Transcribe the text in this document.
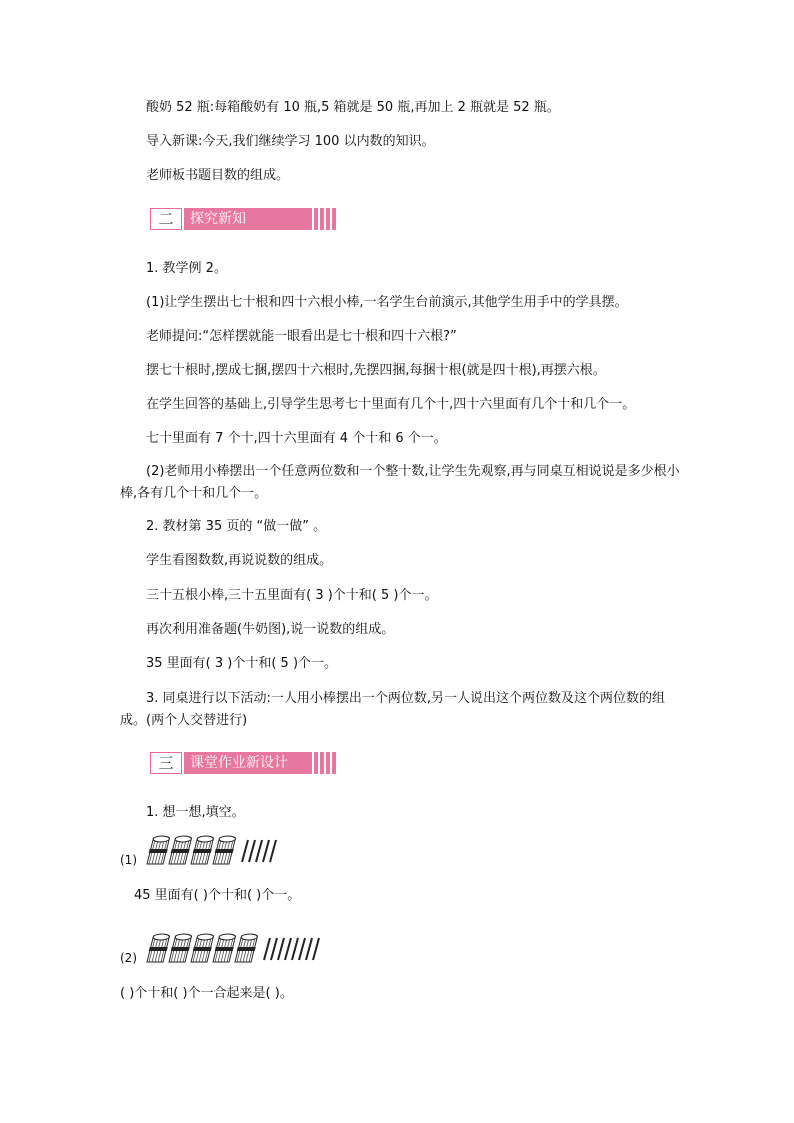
酸奶 52 瓶:每箱酸奶有 10 瓶,5 箱就是 50 瓶,再加上 2 瓶就是 52 瓶。
导入新课:今天,我们继续学习 100 以内数的知识。
老师板书题目数的组成。
二	探究新知
1. 教学例 2。
(1)让学生摆出七十根和四十六根小棒,一名学生台前演示,其他学生用手中的学具摆。
老师提问:“怎样摆就能一眼看出是七十根和四十六根?”
摆七十根时,摆成七捆,摆四十六根时,先摆四捆,每捆十根(就是四十根),再摆六根。
在学生回答的基础上,引导学生思考七十里面有几个十,四十六里面有几个十和几个一。
七十里面有 7 个十,四十六里面有 4 个十和 6 个一。
(2)老师用小棒摆出一个任意两位数和一个整十数,让学生先观察,再与同桌互相说说是多少根小棒,各有几个十和几个一。
2. 教材第 35 页的 “做一做” 。
学生看图数数,再说说数的组成。
三十五根小棒,三十五里面有( 3 )个十和( 5 )个一。
再次利用准备题(牛奶图),说一说数的组成。
35 里面有( 3 )个十和( 5 )个一。
3. 同桌进行以下活动:一人用小棒摆出一个两位数,另一人说出这个两位数及这个两位数的组成。(两个人交替进行)
三	课堂作业新设计
1. 想一想,填空。
(1)
45 里面有( )个十和( )个一。
(2)
( )个十和( )个一合起来是( )。
